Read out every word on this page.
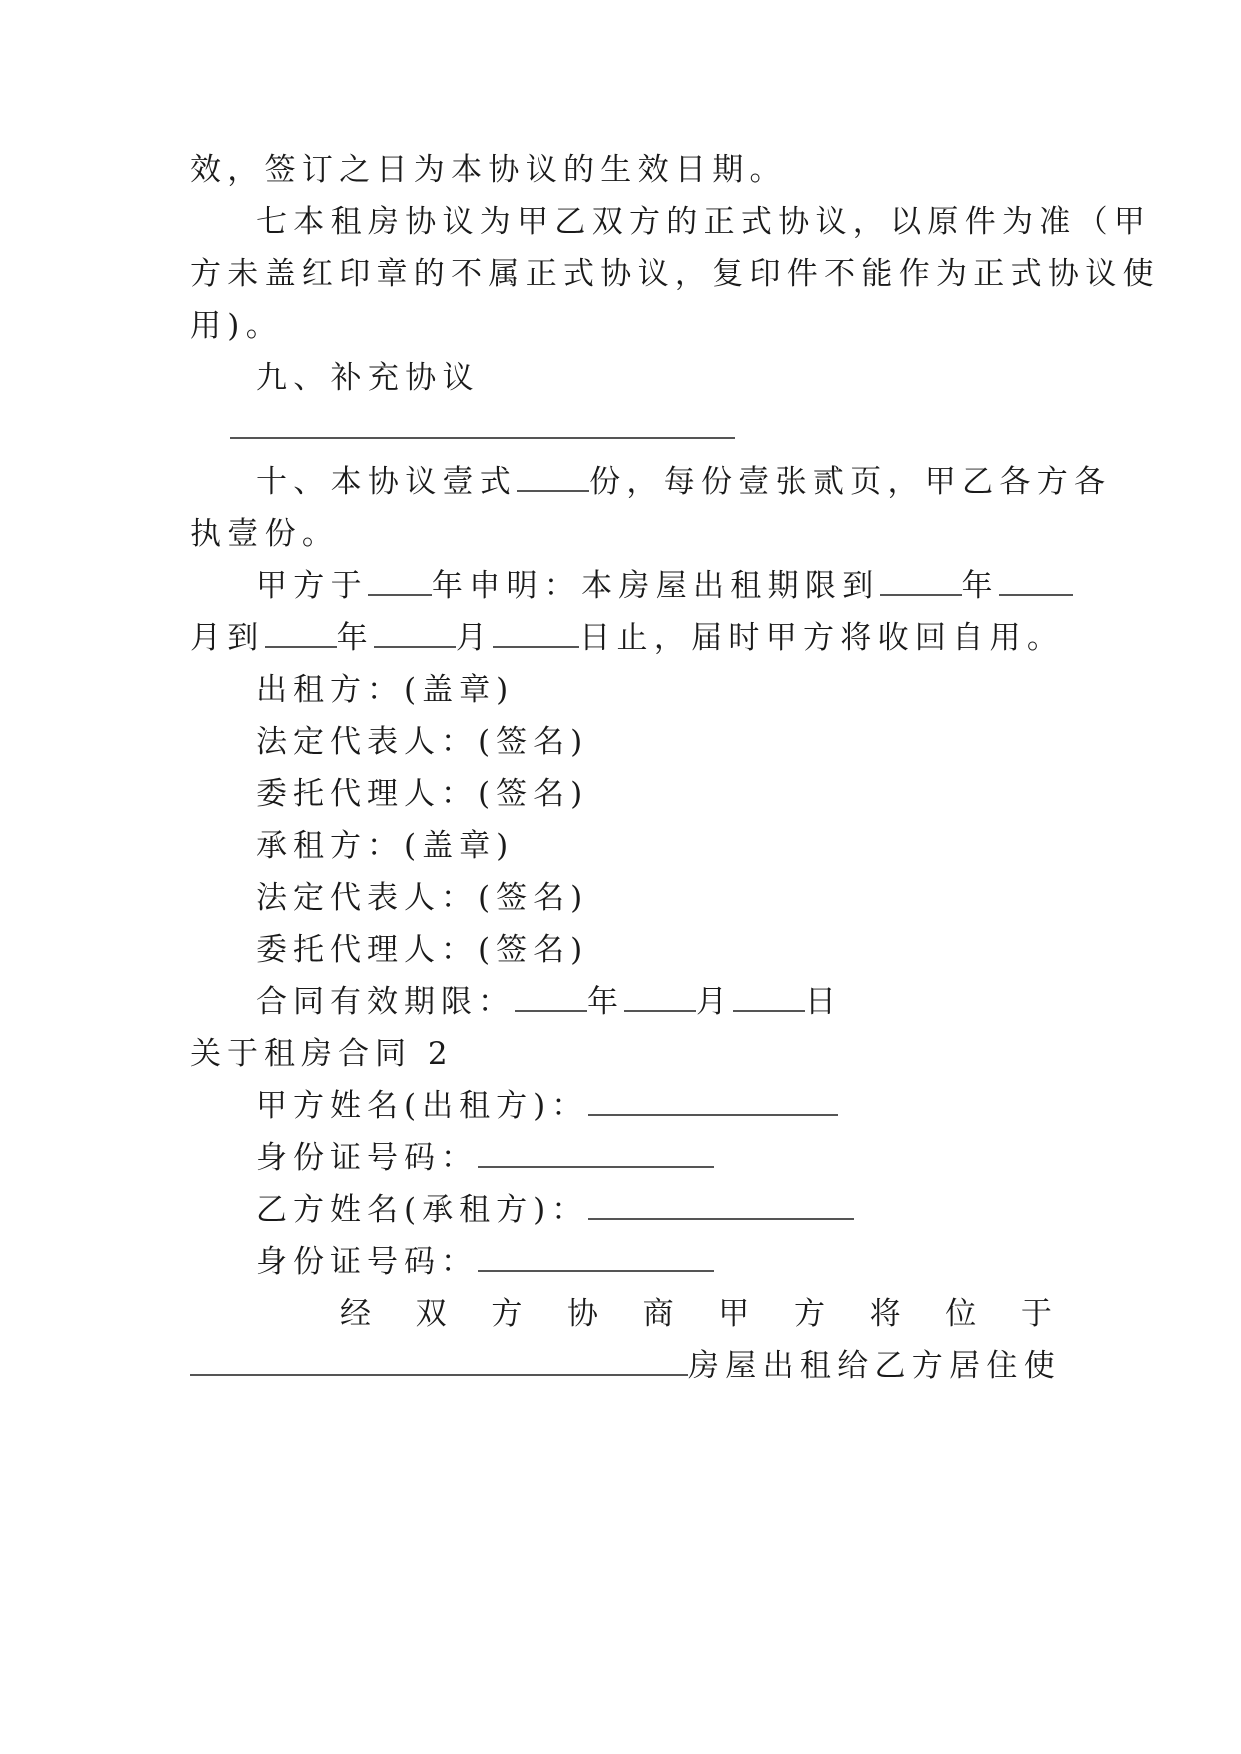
效，签订之日为本协议的生效日期。
七本租房协议为甲乙双方的正式协议，以原件为准（甲
方未盖红印章的不属正式协议，复印件不能作为正式协议使
用)。
九、补充协议
十、本协议壹式 份，每份壹张贰页，甲乙各方各
执壹份。
甲方于 年申明：本房屋出租期限到	年
月到 年	月	日止，届时甲方将收回自用。
出租方：(盖章)
法定代表人：(签名)
委托代理人：(签名)
承租方：(盖章)
法定代表人：(签名)
委托代理人：(签名)
合同有效期限： 年 月 日
关于租房合同 2
甲方姓名(出租方)：
身份证号码：
乙方姓名(承租方)：
身份证号码：
经 双 方 协 商 甲 方 将 位 于
房屋出租给乙方居住使
